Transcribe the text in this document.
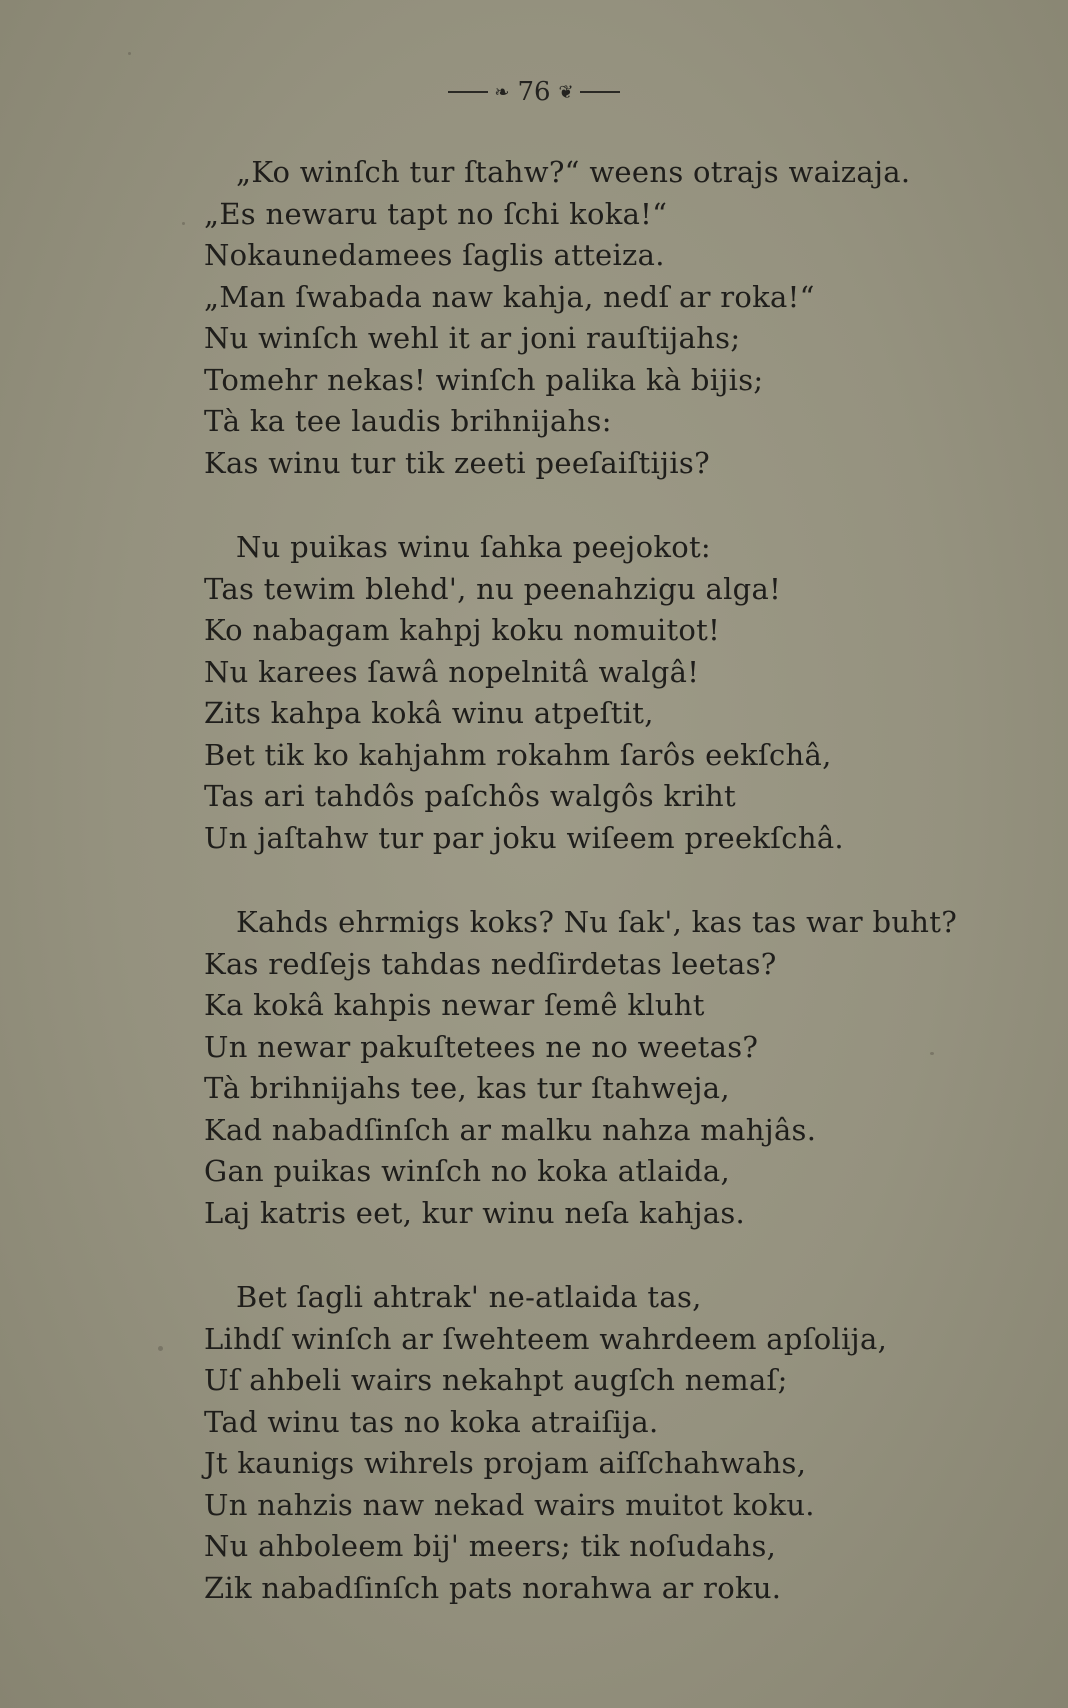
❧ 76 ❦
„Ko winſch tur ſtahw?“ weens otrajs waizaja.
„Es newaru tapt no ſchi koka!“
Nokaunedamees ſaglis atteiza.
„Man ſwabada naw kahja, nedſ ar roka!“
Nu winſch wehl it ar joni rauſtijahs;
Tomehr nekas! winſch palika kà bijis;
Tà ka tee laudis brihnijahs:
Kas winu tur tik zeeti peeſaiſtijis?
Nu puikas winu ſahka peejokot:
Tas tewim blehd', nu peenahzigu alga!
Ko nabagam kahpj koku nomuitot!
Nu karees ſawâ nopelnitâ walgâ!
Zits kahpa kokâ winu atpeſtit,
Bet tik ko kahjahm rokahm ſarôs eekſchâ,
Tas ari tahdôs paſchôs walgôs kriht
Un jaſtahw tur par joku wiſeem preekſchâ.
Kahds ehrmigs koks? Nu ſak', kas tas war buht?
Kas redſejs tahdas nedſirdetas leetas?
Ka kokâ kahpis newar ſemê kluht
Un newar pakuſtetees ne no weetas?
Tà brihnijahs tee, kas tur ſtahweja,
Kad nabadſinſch ar malku nahza mahjâs.
Gan puikas winſch no koka atlaida,
Laj katris eet, kur winu neſa kahjas.
Bet ſagli ahtrak' ne-atlaida tas,
Lihdſ winſch ar ſwehteem wahrdeem apſolija,
Uſ ahbeli wairs nekahpt augſch nemaſ;
Tad winu tas no koka atraiſija.
Jt kaunigs wihrels projam aiſſchahwahs,
Un nahzis naw nekad wairs muitot koku.
Nu ahboleem bij' meers; tik noſudahs,
Zik nabadſinſch pats norahwa ar roku.
